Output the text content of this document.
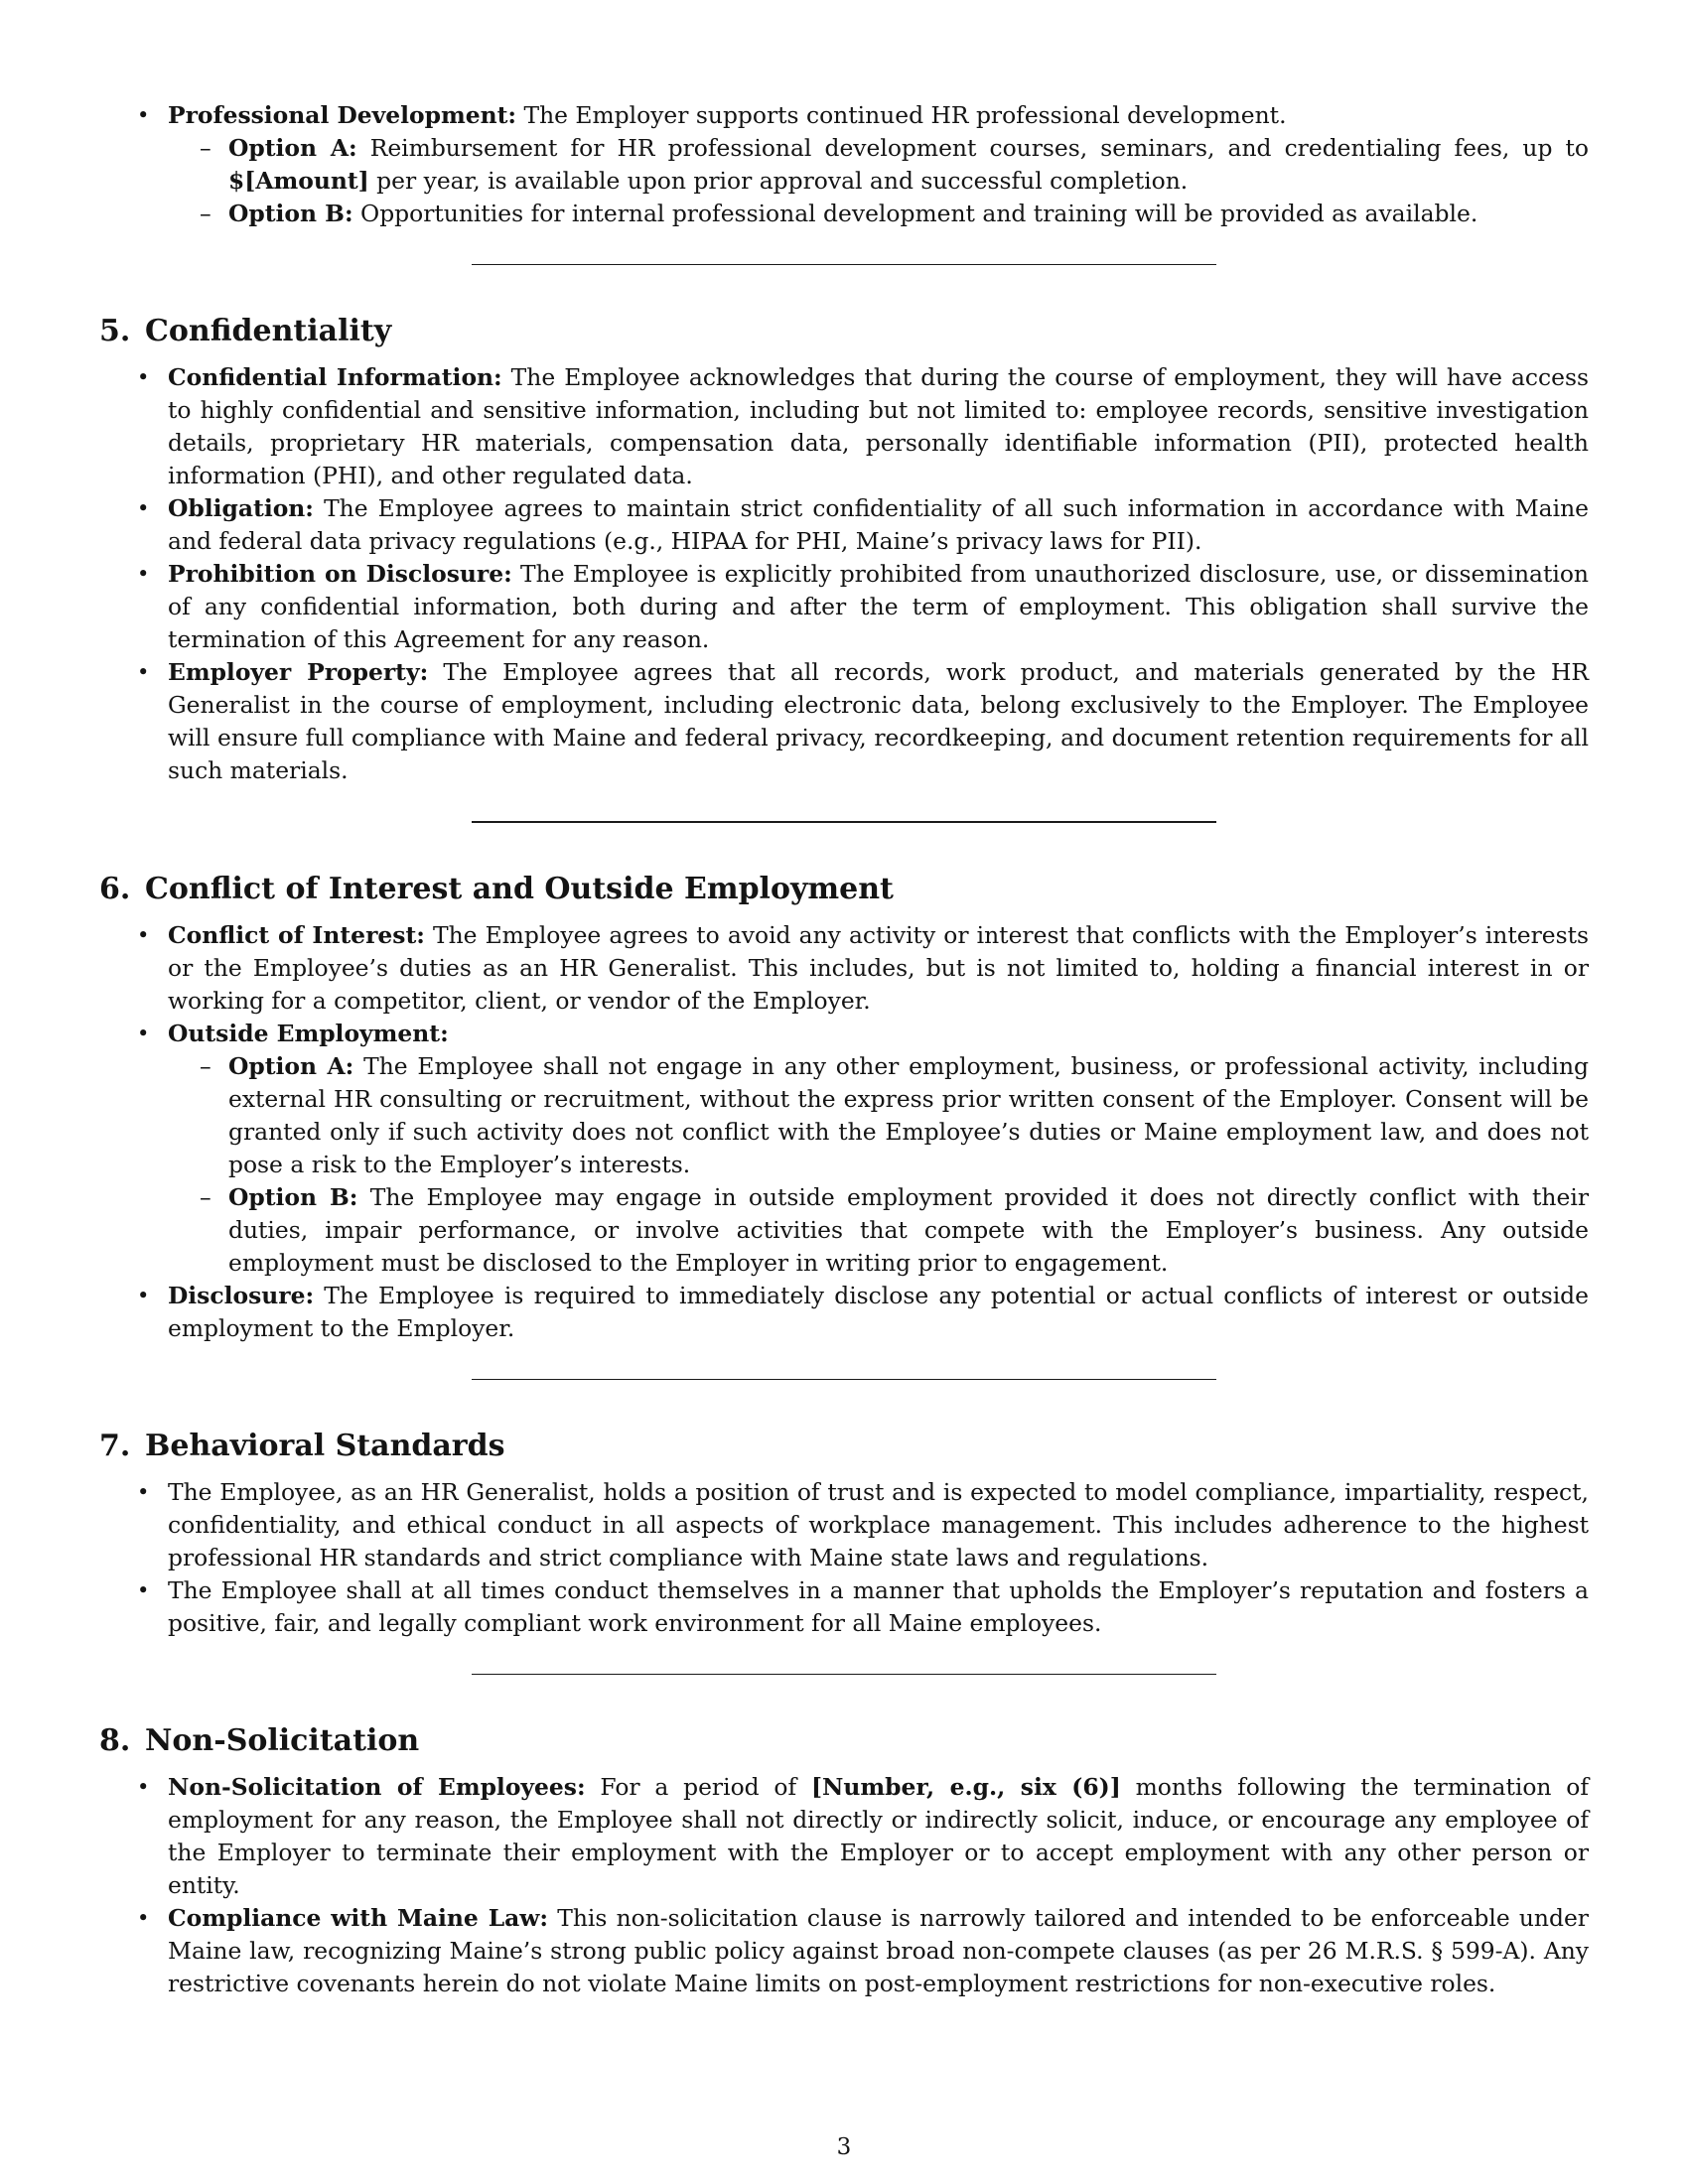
• Professional Development: The Employer supports continued HR professional development.
– Option A: Reimbursement for HR professional development courses, seminars, and credentialing fees, up to $[Amount] per year, is available upon prior approval and successful completion.
– Option B: Opportunities for internal professional development and training will be provided as available.
5. Confidentiality
• Confidential Information: The Employee acknowledges that during the course of employment, they will have access to highly confidential and sensitive information, including but not limited to: employee records, sensitive investigation details, proprietary HR materials, compensation data, personally identifiable information (PII), protected health information (PHI), and other regulated data.
• Obligation: The Employee agrees to maintain strict confidentiality of all such information in accordance with Maine and federal data privacy regulations (e.g., HIPAA for PHI, Maine’s privacy laws for PII).
• Prohibition on Disclosure: The Employee is explicitly prohibited from unauthorized disclosure, use, or dissemination of any confidential information, both during and after the term of employment. This obligation shall survive the termination of this Agreement for any reason.
• Employer Property: The Employee agrees that all records, work product, and materials generated by the HR Generalist in the course of employment, including electronic data, belong exclusively to the Employer. The Employee will ensure full compliance with Maine and federal privacy, recordkeeping, and document retention requirements for all such materials.
6. Conflict of Interest and Outside Employment
• Conflict of Interest: The Employee agrees to avoid any activity or interest that conflicts with the Employer’s interests or the Employee’s duties as an HR Generalist. This includes, but is not limited to, holding a financial interest in or working for a competitor, client, or vendor of the Employer.
• Outside Employment:
– Option A: The Employee shall not engage in any other employment, business, or professional activity, including external HR consulting or recruitment, without the express prior written consent of the Employer. Consent will be granted only if such activity does not conflict with the Employee’s duties or Maine employment law, and does not pose a risk to the Employer’s interests.
– Option B: The Employee may engage in outside employment provided it does not directly conflict with their duties, impair performance, or involve activities that compete with the Employer’s business. Any outside employment must be disclosed to the Employer in writing prior to engagement.
• Disclosure: The Employee is required to immediately disclose any potential or actual conflicts of interest or outside employment to the Employer.
7. Behavioral Standards
• The Employee, as an HR Generalist, holds a position of trust and is expected to model compliance, impartiality, respect, confidentiality, and ethical conduct in all aspects of workplace management. This includes adherence to the highest professional HR standards and strict compliance with Maine state laws and regulations.
• The Employee shall at all times conduct themselves in a manner that upholds the Employer’s reputation and fosters a positive, fair, and legally compliant work environment for all Maine employees.
8. Non-Solicitation
• Non-Solicitation of Employees: For a period of [Number, e.g., six (6)] months following the termination of employment for any reason, the Employee shall not directly or indirectly solicit, induce, or encourage any employee of the Employer to terminate their employment with the Employer or to accept employment with any other person or entity.
• Compliance with Maine Law: This non-solicitation clause is narrowly tailored and intended to be enforceable under Maine law, recognizing Maine’s strong public policy against broad non-compete clauses (as per 26 M.R.S. § 599-A). Any restrictive covenants herein do not violate Maine limits on post-employment restrictions for non-executive roles.
3
